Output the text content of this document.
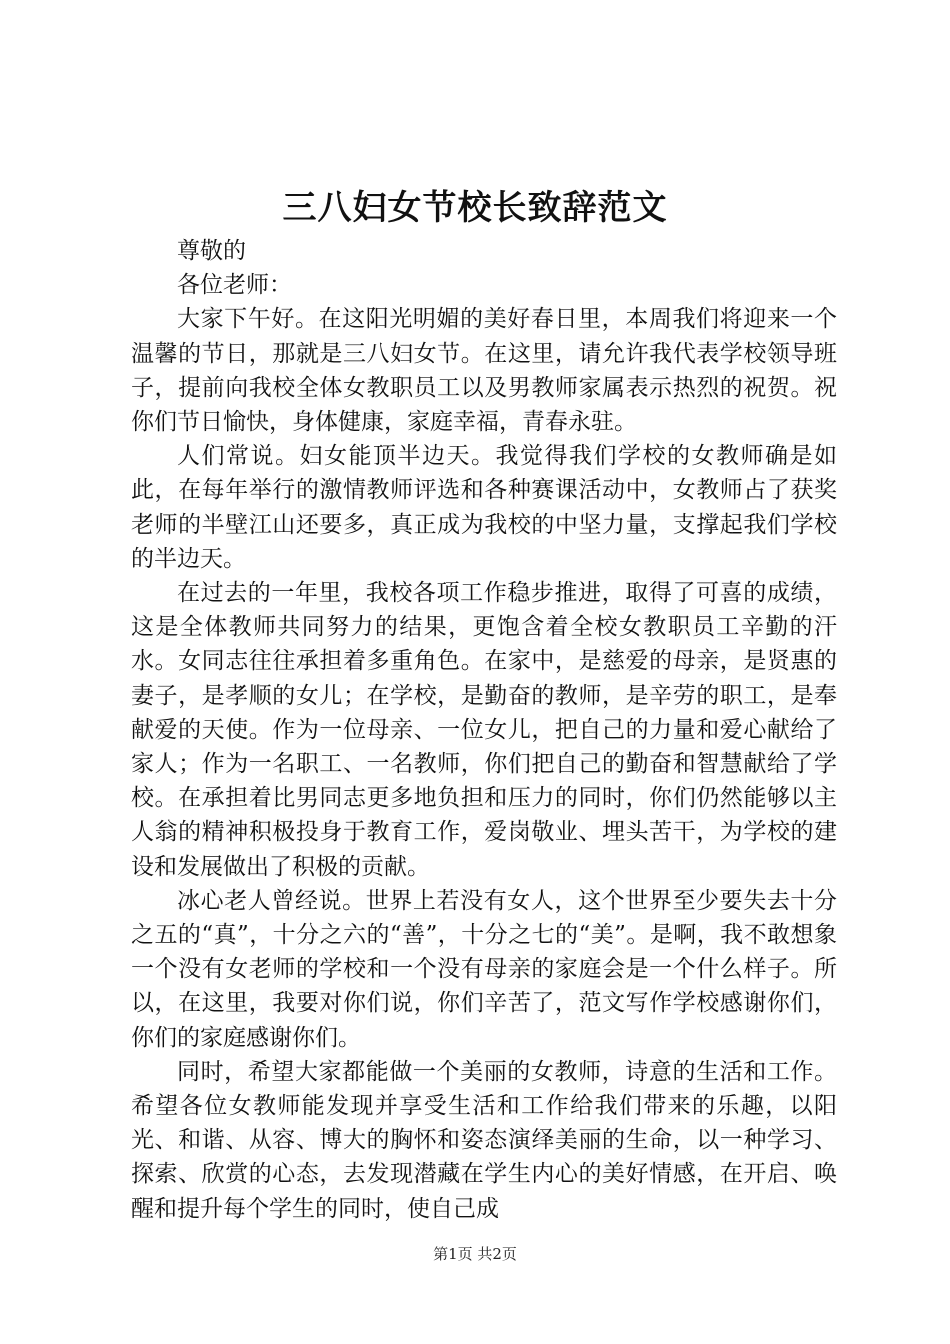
三八妇女节校长致辞范文

尊敬的

各位老师：

大家下午好。在这阳光明媚的美好春日里，本周我们将迎来一个温馨的节日，那就是三八妇女节。在这里，请允许我代表学校领导班子，提前向我校全体女教职员工以及男教师家属表示热烈的祝贺。祝你们节日愉快，身体健康，家庭幸福，青春永驻。

人们常说。妇女能顶半边天。我觉得我们学校的女教师确是如此，在每年举行的激情教师评选和各种赛课活动中，女教师占了获奖老师的半壁江山还要多，真正成为我校的中坚力量，支撑起我们学校的半边天。

在过去的一年里，我校各项工作稳步推进，取得了可喜的成绩，这是全体教师共同努力的结果，更饱含着全校女教职员工辛勤的汗水。女同志往往承担着多重角色。在家中，是慈爱的母亲，是贤惠的妻子，是孝顺的女儿；在学校，是勤奋的教师，是辛劳的职工，是奉献爱的天使。作为一位母亲、一位女儿，把自己的力量和爱心献给了家人；作为一名职工、一名教师，你们把自己的勤奋和智慧献给了学校。在承担着比男同志更多地负担和压力的同时，你们仍然能够以主人翁的精神积极投身于教育工作，爱岗敬业、埋头苦干，为学校的建设和发展做出了积极的贡献。

冰心老人曾经说。世界上若没有女人，这个世界至少要失去十分之五的“真”，十分之六的“善”，十分之七的“美”。是啊，我不敢想象一个没有女老师的学校和一个没有母亲的家庭会是一个什么样子。所以，在这里，我要对你们说，你们辛苦了，范文写作学校感谢你们，你们的家庭感谢你们。

同时，希望大家都能做一个美丽的女教师，诗意的生活和工作。希望各位女教师能发现并享受生活和工作给我们带来的乐趣，以阳光、和谐、从容、博大的胸怀和姿态演绎美丽的生命，以一种学习、探索、欣赏的心态，去发现潜藏在学生内心的美好情感，在开启、唤醒和提升每个学生的同时，使自己成

第1页 共2页
